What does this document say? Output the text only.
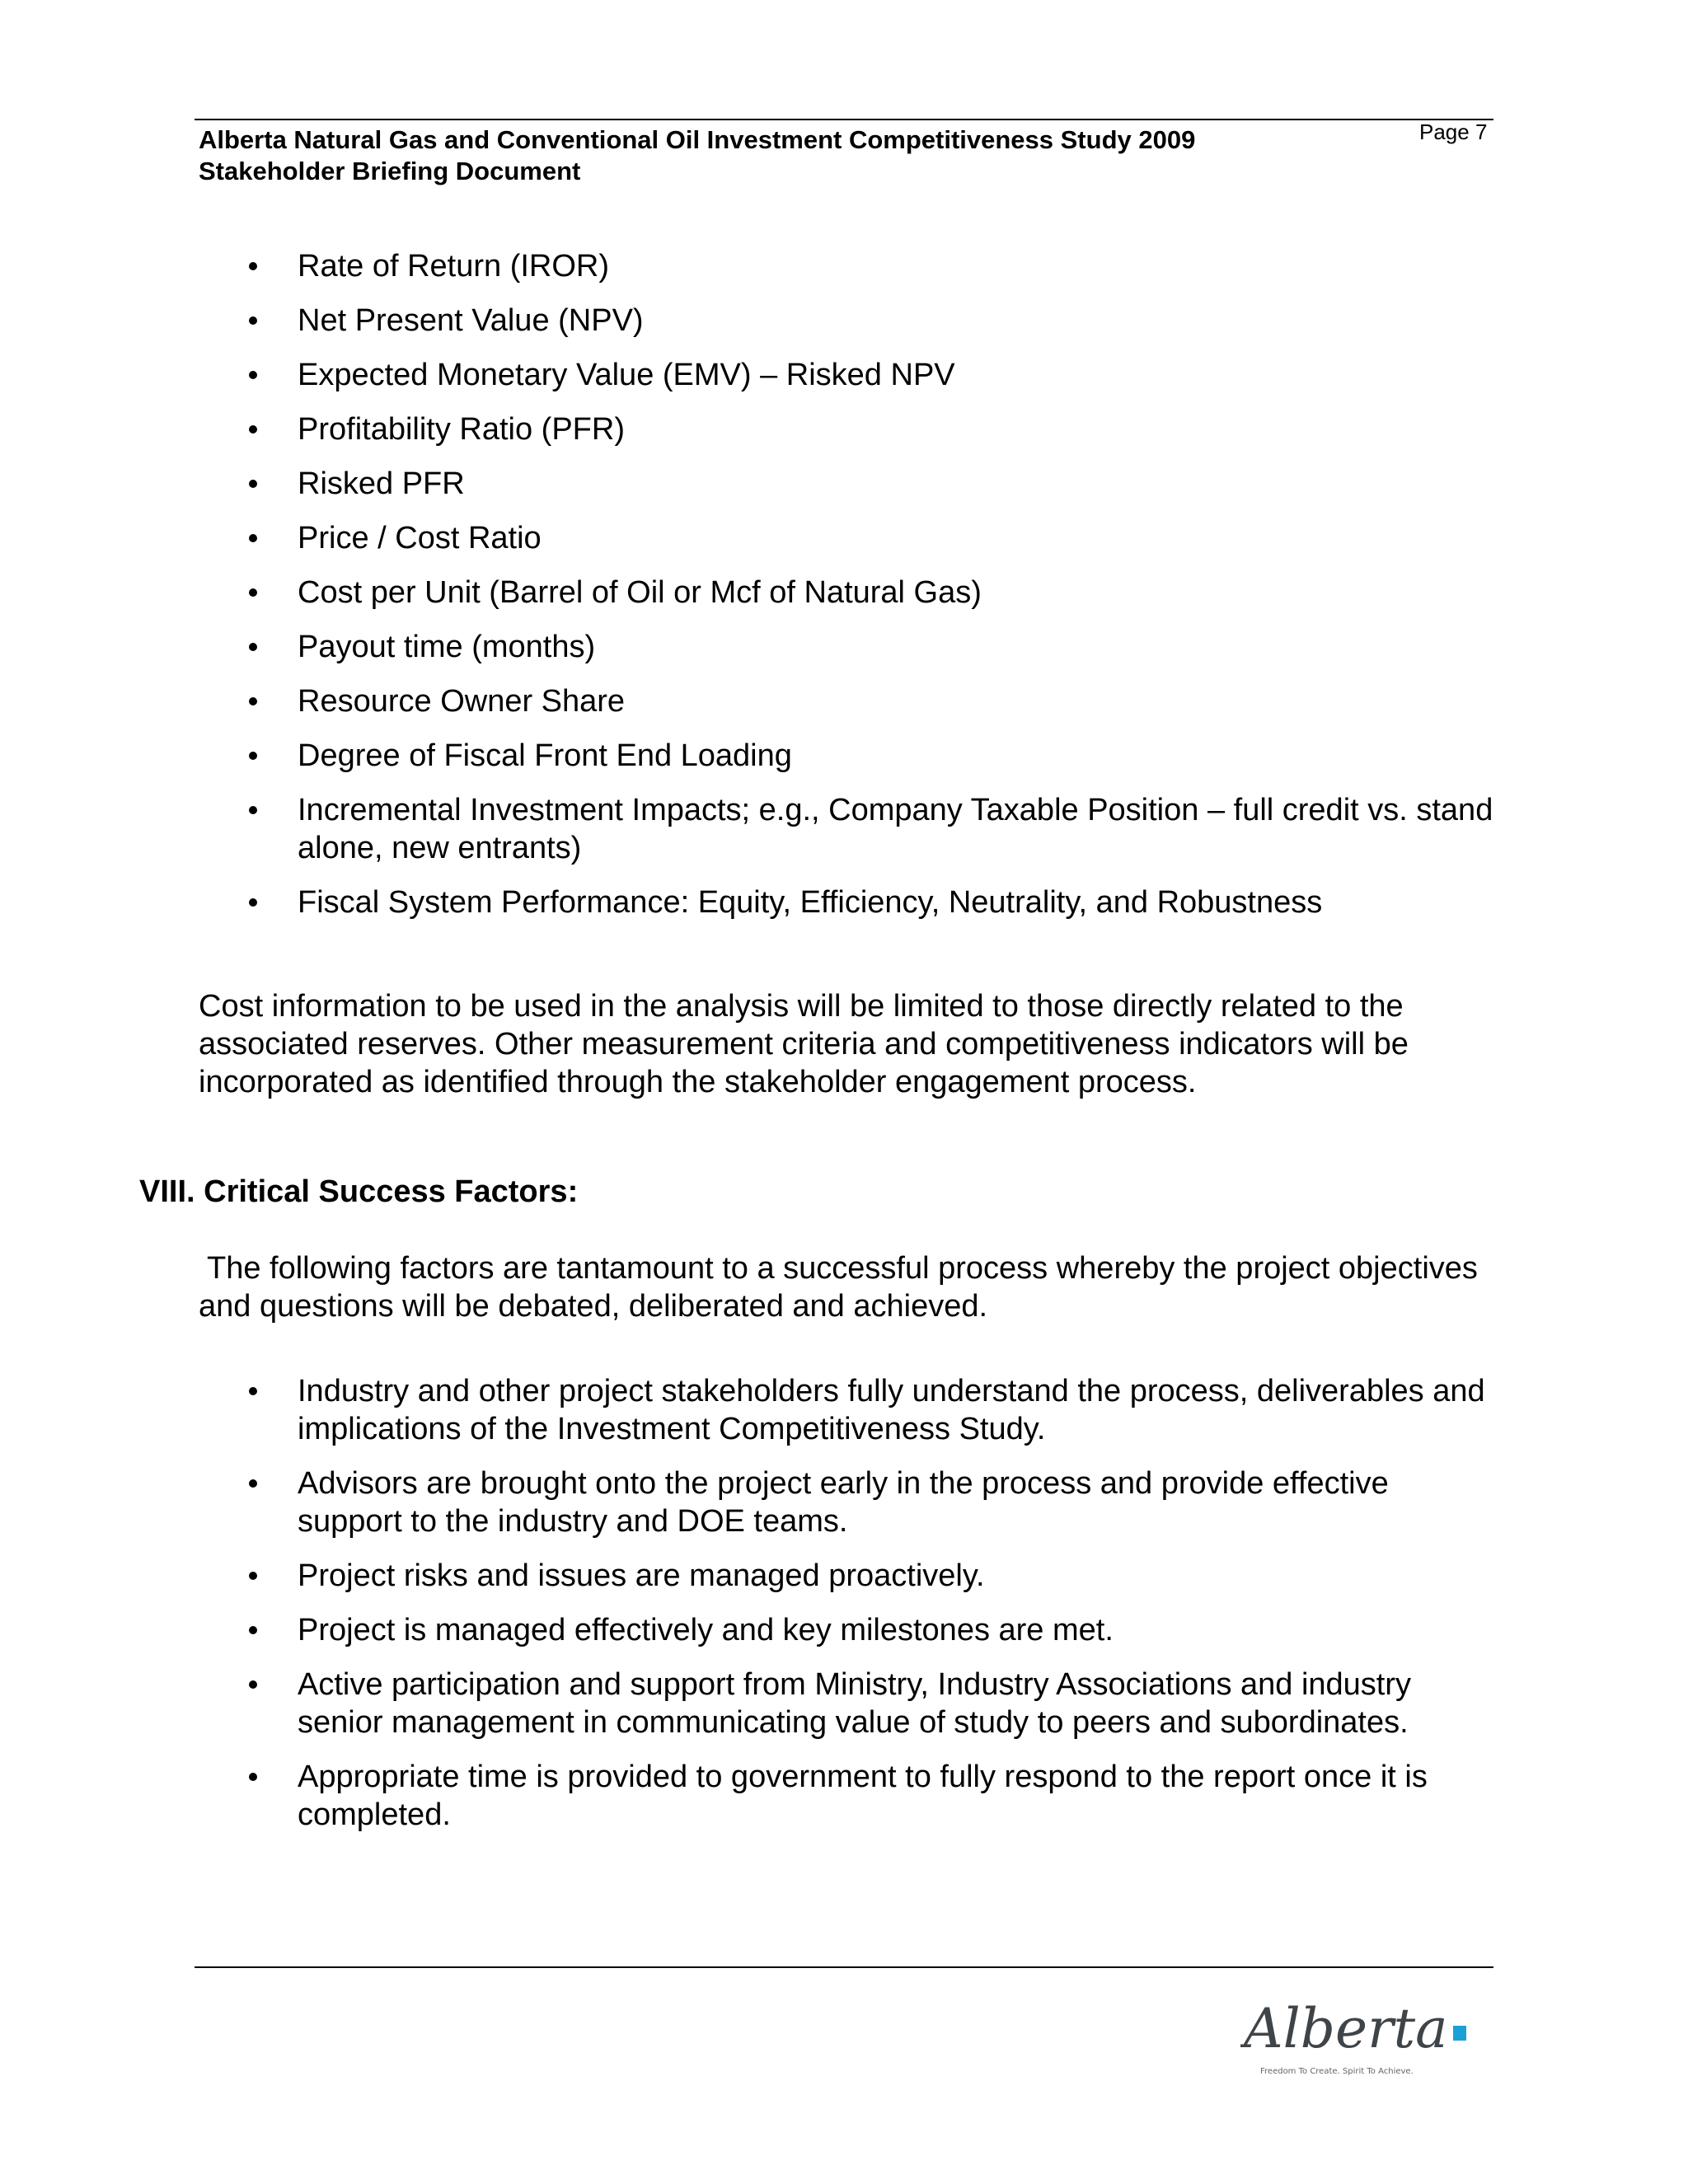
Alberta Natural Gas and Conventional Oil Investment Competitiveness Study 2009
Stakeholder Briefing Document
Page 7
Rate of Return (IROR)
Net Present Value (NPV)
Expected Monetary Value (EMV) – Risked NPV
Profitability Ratio (PFR)
Risked PFR
Price / Cost Ratio
Cost per Unit (Barrel of Oil or Mcf of Natural Gas)
Payout time (months)
Resource Owner Share
Degree of Fiscal Front End Loading
Incremental Investment Impacts; e.g., Company Taxable Position – full credit vs. stand alone, new entrants)
Fiscal System Performance: Equity, Efficiency, Neutrality, and Robustness

Cost information to be used in the analysis will be limited to those directly related to the associated reserves. Other measurement criteria and competitiveness indicators will be incorporated as identified through the stakeholder engagement process.

VIII. Critical Success Factors:

The following factors are tantamount to a successful process whereby the project objectives and questions will be debated, deliberated and achieved.

Industry and other project stakeholders fully understand the process, deliverables and implications of the Investment Competitiveness Study.
Advisors are brought onto the project early in the process and provide effective support to the industry and DOE teams.
Project risks and issues are managed proactively.
Project is managed effectively and key milestones are met.
Active participation and support from Ministry, Industry Associations and industry senior management in communicating value of study to peers and subordinates.
Appropriate time is provided to government to fully respond to the report once it is completed.
Alberta
Freedom To Create. Spirit To Achieve.
